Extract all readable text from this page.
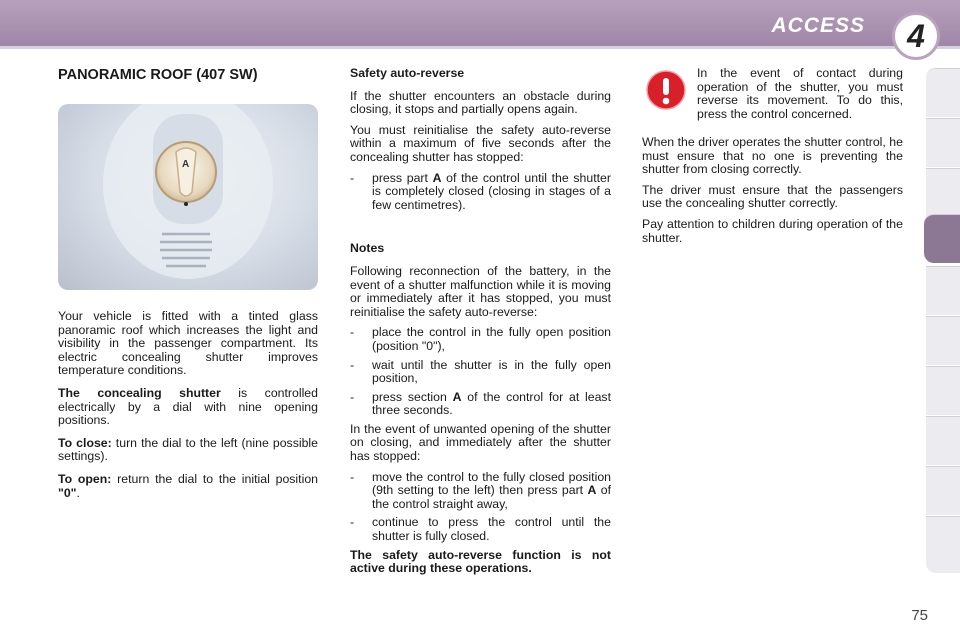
ACCESS	4
PANORAMIC ROOF (407 SW)
A

Your vehicle is fitted with a tinted glass panoramic roof which increases the light and visibility in the passenger compartment. Its electric concealing shutter improves temperature conditions.

The concealing shutter is controlled electrically by a dial with nine opening positions.

To close: turn the dial to the left (nine possible settings).

To open: return the dial to the initial position "0".

Safety auto-reverse

If the shutter encounters an obstacle during closing, it stops and partially opens again.

You must reinitialise the safety auto-reverse within a maximum of five seconds after the concealing shutter has stopped:

-	press part A of the control until the shutter is completely closed (closing in stages of a few centimetres).

Notes

Following reconnection of the battery, in the event of a shutter malfunction while it is moving or immediately after it has stopped, you must reinitialise the safety auto-reverse:

-	place the control in the fully open position (position "0"),

-	wait until the shutter is in the fully open position,

-	press section A of the control for at least three seconds.

In the event of unwanted opening of the shutter on closing, and immediately after the shutter has stopped:

-	move the control to the fully closed position (9th setting to the left) then press part A of the control straight away,

-	continue to press the control until the shutter is fully closed.

The safety auto-reverse function is not active during these operations.

In the event of contact during operation of the shutter, you must reverse its movement. To do this, press the control concerned.

When the driver operates the shutter control, he must ensure that no one is preventing the shutter from closing correctly.

The driver must ensure that the passengers use the concealing shutter correctly.

Pay attention to children during operation of the shutter.

75
